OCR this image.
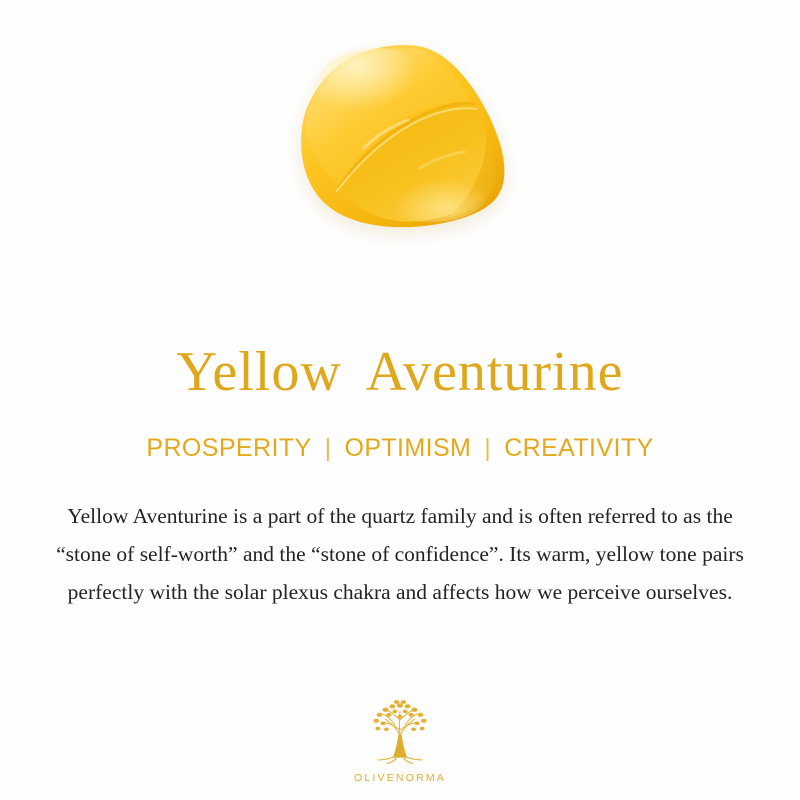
Yellow Aventurine
PROSPERITY | OPTIMISM | CREATIVITY
Yellow Aventurine is a part of the quartz family and is often referred to as the “stone of self-worth” and the “stone of confidence”. Its warm, yellow tone pairs perfectly with the solar plexus chakra and affects how we perceive ourselves.
OLIVENORMA
